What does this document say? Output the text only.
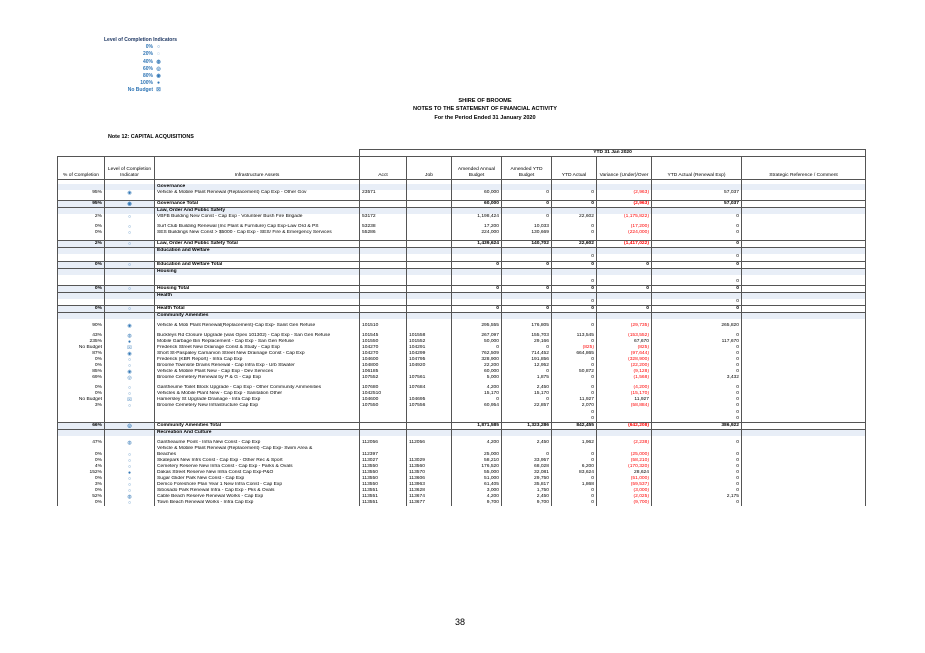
Level of Completion Indicators
0% ○
20% ◌
40% ◍
60% ◎
80% ◉
100% ●
No Budget ☒
SHIRE OF BROOME
NOTES TO THE STATEMENT OF FINANCIAL ACTIVITY
For the Period Ended 31 January 2020
Note 12: CAPITAL ACQUISITIONS
			YTD 31 Jan 2020							
% of Completion	Level of Completion Indicator	Infrastructure Assets	Acct	Job	Amended Annual Budget	Amended YTD Budget	YTD Actual	Variance (Under)/Over	YTD Actual (Renewal Exp)	Strategic Reference / Comment

		Governance								
95%	◉	Vehicle & Mobile Plant Renewal (Replacement) Cap Exp - Other Gov	23571		60,000	0	0	(2,963)	57,037	

95%	◉	Governance Total			60,000	0	0	(2,963)	57,037	
		Law, Order And Public Safety								
2%	○	VBFB Building New Const - Cap Exp - Volunteer Bush Fire Brigade	53172		1,198,424	0	22,602	(1,175,822)	0	

0%	○	Surf Club Building Renewal (Inc Plant & Furniture) Cap Exp-Law Ord & PS	53238		17,200	10,033	0	(17,200)	0	
0%	○	SES Buildings New Const > $5000 - Cap Exp - SES/ Fire & Emergency Services	55286		224,000	130,669	0	(224,000)	0	

2%	○	Law, Order And Public Safety Total			1,439,624	140,702	22,602	(1,417,022)	0	
		Education and Welfare								
							0		0	
0%	○	Education and Welfare Total			0	0	0	0	0	
		Housing								

							0		0	
0%	○	Housing Total			0	0	0	0	0	
		Health								
							0		0	
0%	○	Health Total			0	0	0	0	0	
		Community Amenities								

90%	◉	Vehicle & Mob Plant Renewal(Replacement)-Cap Exp- Sanit Gen Refuse	101510		295,555	176,805	0	(29,735)	265,820	

43%	◍	Buckleys Rd Closure Upgrade (was Opex 101302) - Cap Exp - San Gen Refuse	101545	101558	267,097	155,703	113,545	(153,552)	0	
235%	●	Mobile Garbage Bin Replacement - Cap Exp - San Gen Refuse	101550	101552	50,000	29,166	0	67,670	117,670	
No Budget	☒	Frederick Street New Drainage Const & Study - Cap Exp	104270	104291	0	0	(825)	(825)	0	
87%	◉	Short St-Paspaley Carnarvon Street New Drainage Const - Cap Exp	104270	104299	762,509	714,452	664,865	(97,644)	0	
0%	○	Frederick (KBR Report) - Infra Cap Exp	104600	104795	328,900	191,856	0	(328,900)	0	
0%	○	Broome Townsite Drains Renewal - Cap Infra Exp - Urb Stwater	104800	104920	22,200	12,952	0	(22,200)	0	
85%	◉	Vehicle & Mobile Plant New - Cap Exp - Dev Services	106185		60,000	0	50,872	(9,128)	0	
69%	◎	Broome Cemetery Renewal by P & G - Cap Exp	107552	107561	5,000	1,875	0	(1,568)	3,432	

0%	○	Gantheume Toilet Block Upgrade - Cap Exp - Other Community Ammenities	107680	107684	4,200	2,450	0	(4,200)	0	
0%	○	Vehicles & Mobile Plant New - Cap Exp - Sanitation Other	1042510		15,170	15,170	0	(15,170)	0	
No Budget	☒	Hamersley St Upgrade Drainage - Infa Cap Exp	104600	104695	0	0	11,927	11,927	0	
3%	○	Broome Cemetery New Infrastructure Cap Exp	107550	107556	60,954	22,857	2,070	(58,884)	0	
							0		0	
							0		0	
66%	◎	Community Amenities Total			1,871,585	1,323,286	842,455	(642,208)	386,922	
		Recreation And Culture								

47%	◍	Gantheaume Point - Infra New Const - Cap Exp	112056	112056	4,200	2,450	1,962	(2,238)	0	
		Vehicle & Mobile Plant Renewal (Replacement) -Cap Exp- Swim Area &								
0%	○	Beaches	112397		25,000	0	0	(25,000)	0	
0%	○	Skatepark New Infrs Const - Cap Exp - Other Rec & Sport	113027	113029	58,210	33,957	0	(58,210)	0	
4%	○	Cemetery Reserve New Infra Const - Cap Exp - Parks & Ovals	113550	113560	176,520	68,028	6,200	(170,320)	0	
152%	●	Dakas Street Reserve New Infra Const Cap Exp-P&O	113550	113570	55,000	32,081	83,624	28,624	0	
0%	○	Sugar Glider Park New Const - Cap Exp	113550	113606	51,000	29,750	0	(51,000)	0	
3%	○	Demco Foreshore Plan Year 1 New Infra Const - Cap Exp	113550	113963	61,405	35,817	1,868	(59,537)	0	
0%	○	Sibosado Park Renewal Infra - Cap Exp - Pks & Ovals	113551	113628	3,000	1,750	0	(3,000)	0	
52%	◍	Cable Beach Reserve Renewal Works - Cap Exp	113551	113674	4,200	2,450	0	(2,025)	2,175	
0%	○	Town Beach Renewal Works - Infra Cap Exp	113551	113677	9,700	9,700	0	(9,700)	0	
38
